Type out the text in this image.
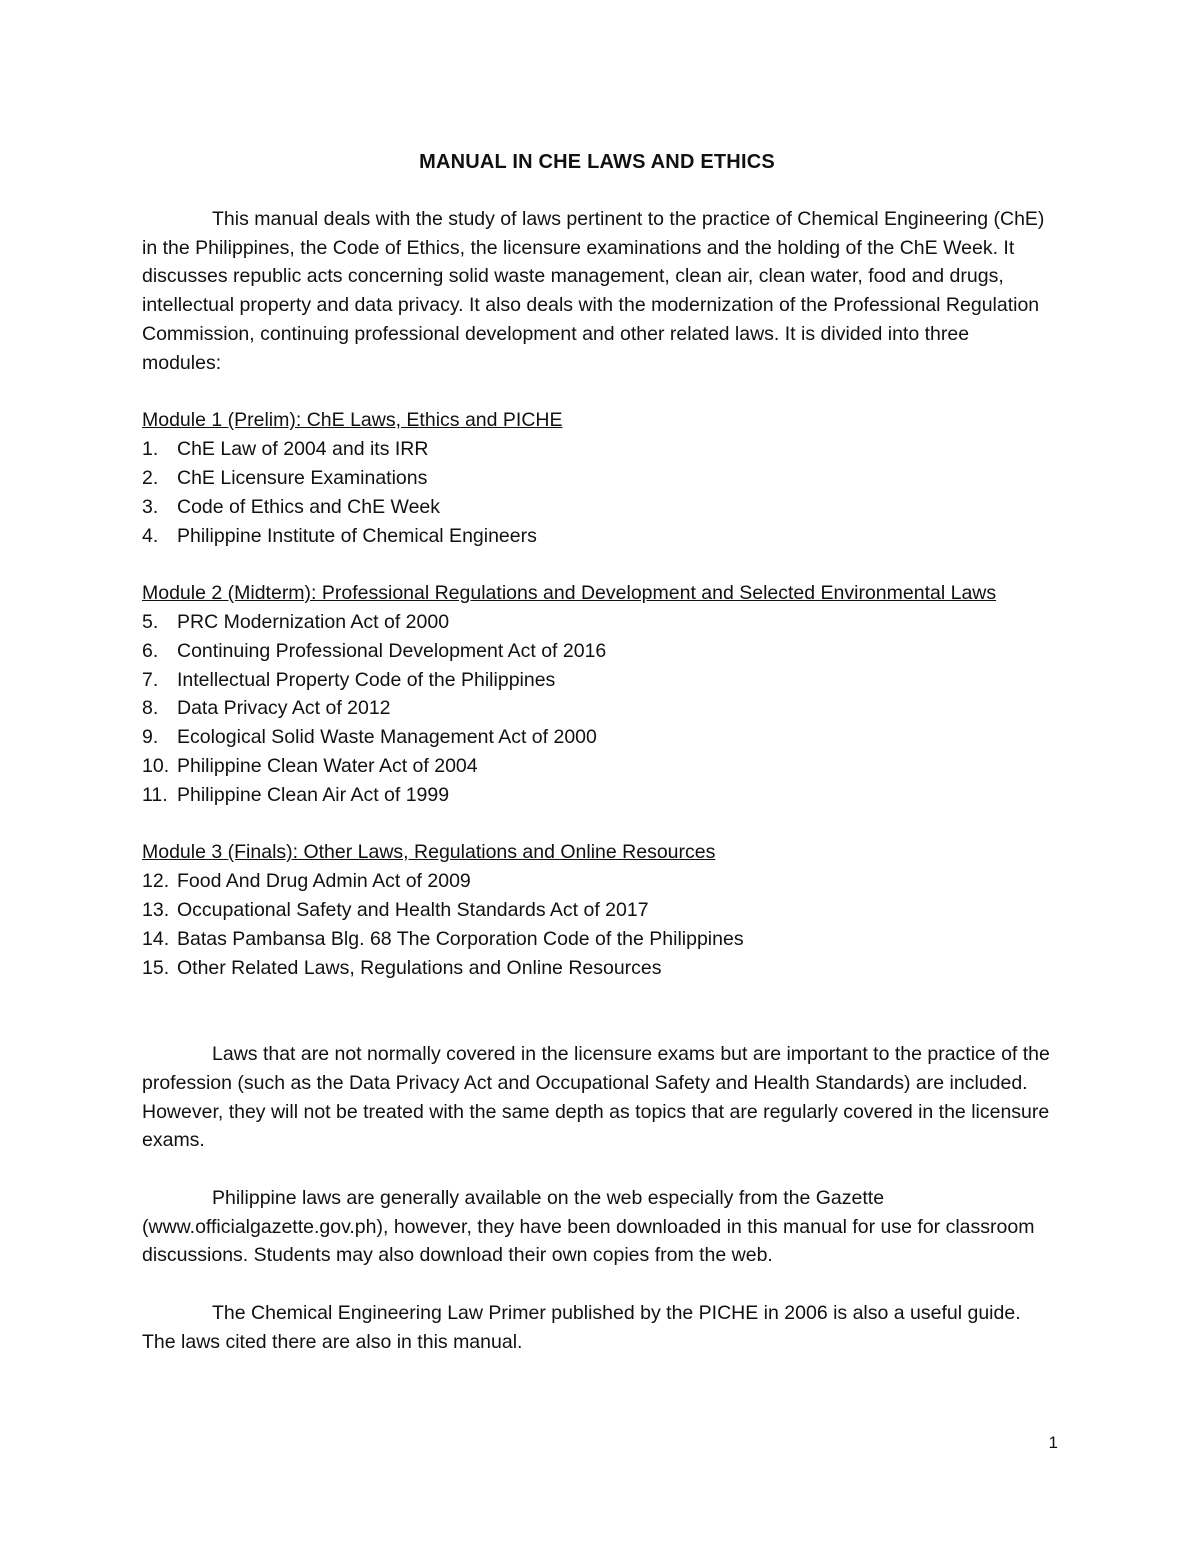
MANUAL IN CHE LAWS AND ETHICS

This manual deals with the study of laws pertinent to the practice of Chemical Engineering (ChE) in the Philippines, the Code of Ethics, the licensure examinations and the holding of the ChE Week. It discusses republic acts concerning solid waste management, clean air, clean water, food and drugs, intellectual property and data privacy. It also deals with the modernization of the Professional Regulation Commission, continuing professional development and other related laws. It is divided into three modules:

Module 1 (Prelim): ChE Laws, Ethics and PICHE

1. ChE Law of 2004 and its IRR
2. ChE Licensure Examinations
3. Code of Ethics and ChE Week
4. Philippine Institute of Chemical Engineers

Module 2 (Midterm): Professional Regulations and Development and Selected Environmental Laws

5. PRC Modernization Act of 2000
6. Continuing Professional Development Act of 2016
7. Intellectual Property Code of the Philippines
8. Data Privacy Act of 2012
9. Ecological Solid Waste Management Act of 2000
10. Philippine Clean Water Act of 2004
11. Philippine Clean Air Act of 1999

Module 3 (Finals): Other Laws, Regulations and Online Resources

12. Food And Drug Admin Act of 2009
13. Occupational Safety and Health Standards Act of 2017
14. Batas Pambansa Blg. 68 The Corporation Code of the Philippines
15. Other Related Laws, Regulations and Online Resources

Laws that are not normally covered in the licensure exams but are important to the practice of the profession (such as the Data Privacy Act and Occupational Safety and Health Standards) are included. However, they will not be treated with the same depth as topics that are regularly covered in the licensure exams.

Philippine laws are generally available on the web especially from the Gazette (www.officialgazette.gov.ph), however, they have been downloaded in this manual for use for classroom discussions. Students may also download their own copies from the web.

The Chemical Engineering Law Primer published by the PICHE in 2006 is also a useful guide. The laws cited there are also in this manual.

1
